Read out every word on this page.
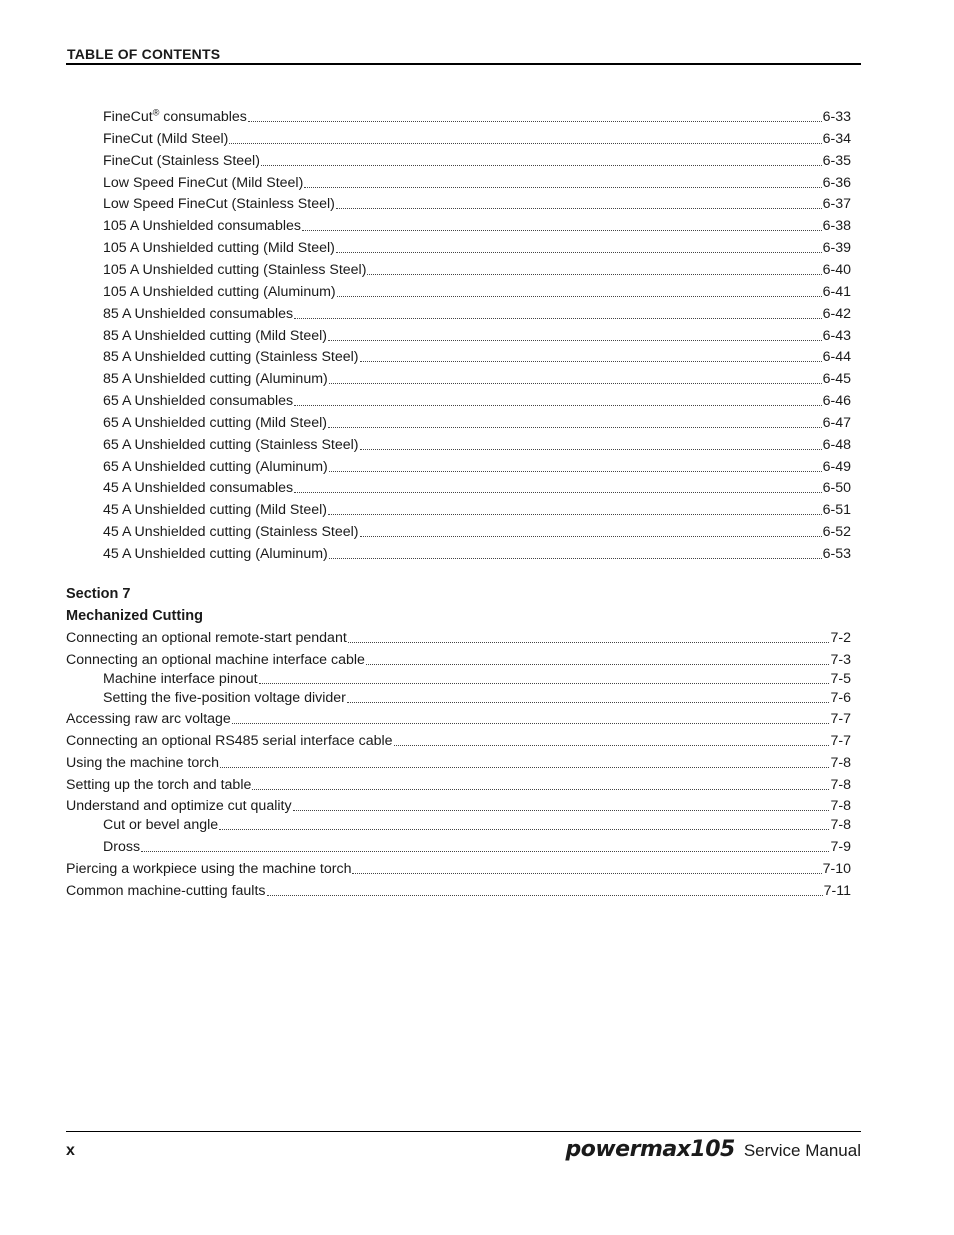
TABLE OF CONTENTS
FineCut® consumables	6-33
FineCut (Mild Steel)	6-34
FineCut (Stainless Steel)	6-35
Low Speed FineCut (Mild Steel)	6-36
Low Speed FineCut (Stainless Steel)	6-37
105 A Unshielded consumables	6-38
105 A Unshielded cutting (Mild Steel)	6-39
105 A Unshielded cutting (Stainless Steel)	6-40
105 A Unshielded cutting (Aluminum)	6-41
85 A Unshielded consumables	6-42
85 A Unshielded cutting (Mild Steel)	6-43
85 A Unshielded cutting (Stainless Steel)	6-44
85 A Unshielded cutting (Aluminum)	6-45
65 A Unshielded consumables	6-46
65 A Unshielded cutting (Mild Steel)	6-47
65 A Unshielded cutting (Stainless Steel)	6-48
65 A Unshielded cutting (Aluminum)	6-49
45 A Unshielded consumables	6-50
45 A Unshielded cutting (Mild Steel)	6-51
45 A Unshielded cutting (Stainless Steel)	6-52
45 A Unshielded cutting (Aluminum)	6-53
Connecting an optional remote-start pendant	7-2
Connecting an optional machine interface cable	7-3
Machine interface pinout	7-5
Setting the five-position voltage divider	7-6
Accessing raw arc voltage	7-7
Connecting an optional RS485 serial interface cable	7-7
Using the machine torch	7-8
Setting up the torch and table	7-8
Understand and optimize cut quality	7-8
Cut or bevel angle	7-8
Dross	7-9
Piercing a workpiece using the machine torch	7-10
Common machine-cutting faults	7-11
Section 7
Mechanized Cutting
x	powermax105 Service Manual
